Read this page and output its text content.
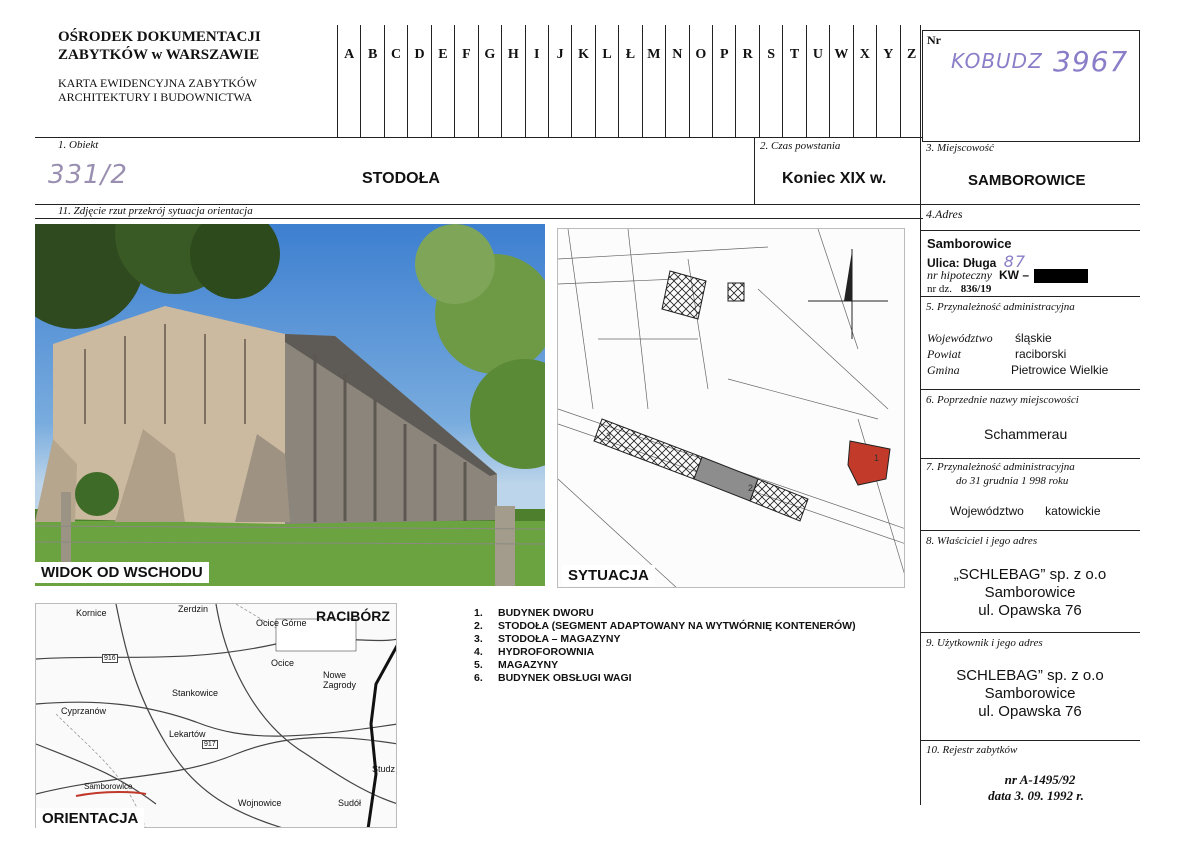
OŚRODEK DOKUMENTACJI
ZABYTKÓW w WARSZAWIE
KARTA EWIDENCYJNA ZABYTKÓW
ARCHITEKTURY I BUDOWNICTWA
A B C D E	F G H	I	J	K L	Ł M N O P	R	S	T U W X Y Z
Nr
KOBUDZ 3967
1. Obiekt
331/2	STODOŁA
2. Czas powstania
Koniec XIX w.
3. Miejscowość
SAMBOROWICE
11. Zdjęcie rzut przekrój sytuacja orientacja	4.Adres
Samborowice
Ulica: Długa 87
nr hipoteczny KW –
nr dz. 836/19
5. Przynależność administracyjna
Województwo śląskie
Powiat	raciborski
Gmina	Pietrowice Wielkie
6. Poprzednie nazwy miejscowości
Schammerau
7. Przynależność administracyjna
do 31 grudnia 1 998 roku
Województwo katowickie
8. Właściciel i jego adres
„SCHLEBAG” sp. z o.o
Samborowice
ul. Opawska 76
9. Użytkownik i jego adres
SCHLEBAG” sp. z o.o
Samborowice
ul. Opawska 76
10. Rejestr zabytków
nr A-1495/92
data 3. 09. 1992 r.
WIDOK OD WSCHODU
3
2
1
SYTUACJA
RACIBÓRZ
Kornice	Zerdzin
Ocice Górne
Ocice
Nowe Zagrody
Stankowice
Cyprzanów
Lekartów
Samborowice
Wojnowice	Sudół
Studz
916
917
ORIENTACJA
1.	BUDYNEK DWORU
2.	STODOŁA (SEGMENT ADAPTOWANY NA WYTWÓRNIĘ KONTENERÓW)
3.	STODOŁA – MAGAZYNY
4.	HYDROFOROWNIA
5.	MAGAZYNY
6.	BUDYNEK OBSŁUGI WAGI
